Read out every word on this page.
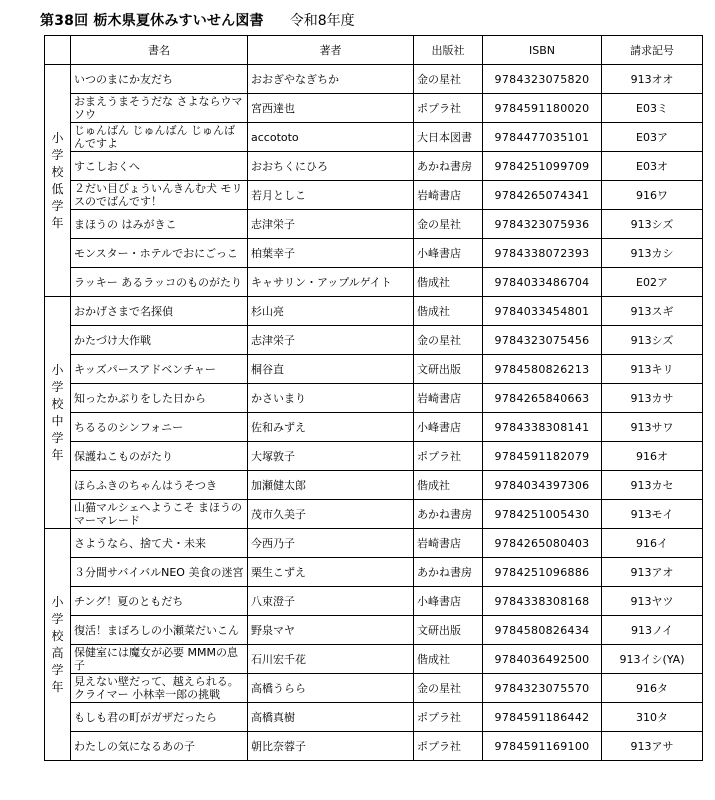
第38回 栃木県夏休みすいせん図書 令和8年度
	書名	著者	出版社	ISBN	請求記号
小学校低学年	いつのまにか友だち	おおぎやなぎちか	金の星社	9784323075820	913オオ
	おまえうまそうだな さよならウマソウ	宮西達也	ポプラ社	9784591180020	E03ミ
	じゅんばん じゅんばん じゅんばんですよ	accototo	大日本図書	9784477035101	E03ア
	すこしおくへ	おおちくにひろ	あかね書房	9784251099709	E03オ
	２だい目びょういんきんむ犬 モリスのでばんです！	若月としこ	岩崎書店	9784265074341	916ワ
	まほうの はみがきこ	志津栄子	金の星社	9784323075936	913シズ
	モンスター・ホテルでおにごっこ	柏葉幸子	小峰書店	9784338072393	913カシ
	ラッキー あるラッコのものがたり	キャサリン・アップルゲイト	偕成社	9784033486704	E02ア
小学校中学年	おかげさまで名探偵	杉山亮	偕成社	9784033454801	913スギ
	かたづけ大作戦	志津栄子	金の星社	9784323075456	913シズ
	キッズパースアドベンチャー	桐谷直	文研出版	9784580826213	913キリ
	知ったかぶりをした日から	かさいまり	岩崎書店	9784265840663	913カサ
	ちるるのシンフォニー	佐和みずえ	小峰書店	9784338308141	913サワ
	保護ねこものがたり	大塚敦子	ポプラ社	9784591182079	916オ
	ほらふきのちゃんはうそつき	加瀬健太郎	偕成社	9784034397306	913カセ
	山猫マルシェへようこそ まほうのマーマレード	茂市久美子	あかね書房	9784251005430	913モイ
小学校高学年	さようなら、捨て犬・未来	今西乃子	岩崎書店	9784265080403	916イ
	３分間サバイバルNEO 美食の迷宮	栗生こずえ	あかね書房	9784251096886	913アオ
	チング！夏のともだち	八束澄子	小峰書店	9784338308168	913ヤツ
	復活！まぼろしの小瀬菜だいこん	野泉マヤ	文研出版	9784580826434	913ノイ
	保健室には魔女が必要 MMMの息子	石川宏千花	偕成社	9784036492500	913イシ(YA)
	見えない壁だって、越えられる。クライマー 小林幸一郎の挑戦	高橋うらら	金の星社	9784323075570	916タ
	もしも君の町がガザだったら	高橋真樹	ポプラ社	9784591186442	310タ
	わたしの気になるあの子	朝比奈蓉子	ポプラ社	9784591169100	913アサ
